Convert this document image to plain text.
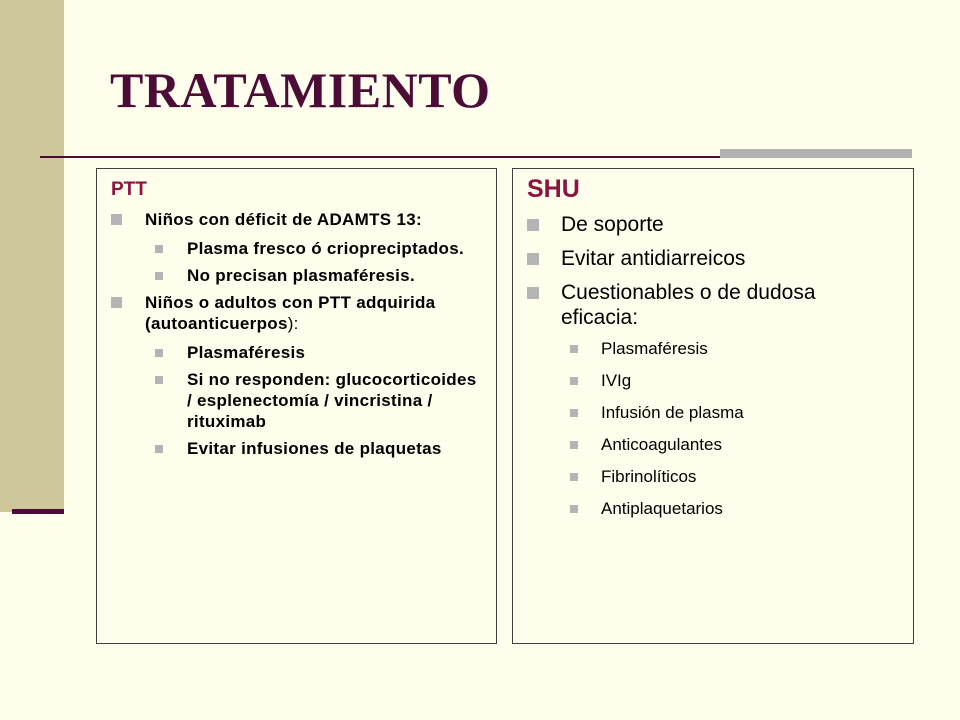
TRATAMIENTO
PTT
Niños con déficit de ADAMTS 13:
Plasma fresco ó criopreciptados.
No precisan plasmaféresis.
Niños o adultos con PTT adquirida (autoanticuerpos):
Plasmaféresis
Si no responden: glucocorticoides / esplenectomía / vincristina / rituximab
Evitar infusiones de plaquetas
SHU
De soporte
Evitar antidiarreicos
Cuestionables o de dudosa eficacia:
Plasmaféresis
IVIg
Infusión de plasma
Anticoagulantes
Fibrinolíticos
Antiplaquetarios
